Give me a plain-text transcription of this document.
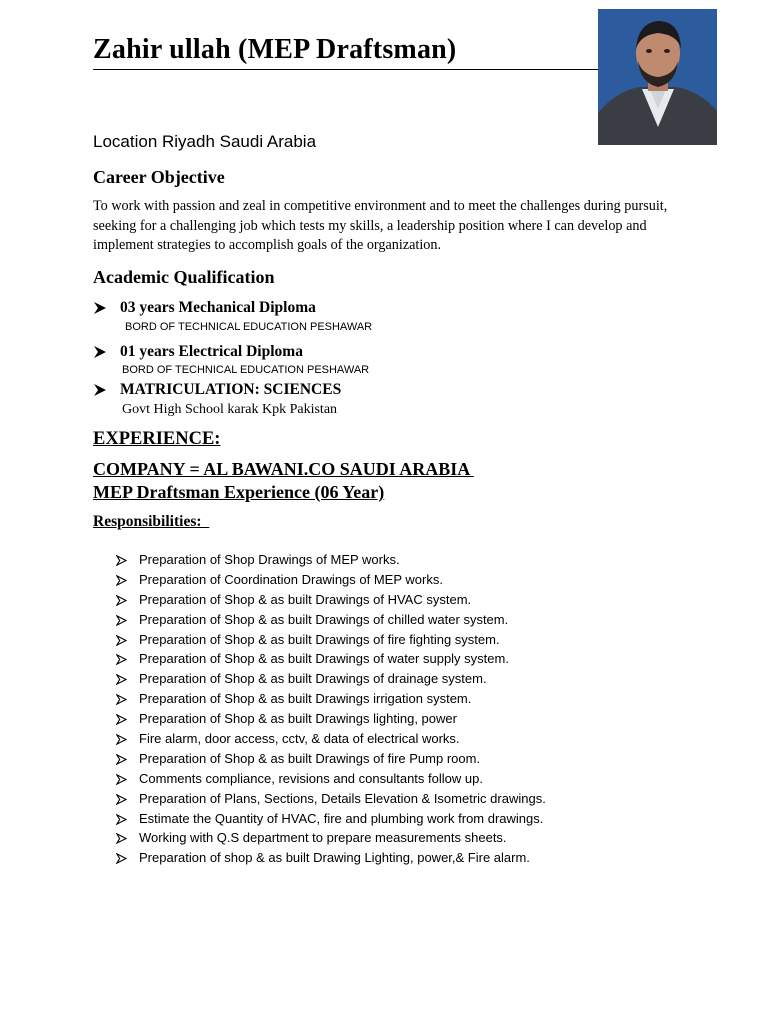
Zahir ullah (MEP Draftsman)
Location Riyadh Saudi Arabia
Career Objective
To work with passion and zeal in competitive environment and to meet the challenges during pursuit, seeking for a challenging job which tests my skills, a leadership position where I can develop and implement strategies to accomplish goals of the organization.
Academic Qualification
03 years Mechanical Diploma
BORD OF TECHNICAL EDUCATION PESHAWAR
01 years Electrical Diploma
BORD OF TECHNICAL EDUCATION PESHAWAR
MATRICULATION: SCIENCES
Govt High School karak Kpk Pakistan
EXPERIENCE:
COMPANY = AL BAWANI.CO SAUDI ARABIA
MEP Draftsman Experience (06 Year)
Responsibilities:
Preparation of Shop Drawings of MEP works.
Preparation of Coordination Drawings of MEP works.
Preparation of Shop & as built Drawings of HVAC system.
Preparation of Shop & as built Drawings of chilled water system.
Preparation of Shop & as built Drawings of fire fighting system.
Preparation of Shop & as built Drawings of water supply system.
Preparation of Shop & as built Drawings of drainage system.
Preparation of Shop & as built Drawings irrigation system.
Preparation of Shop & as built Drawings lighting, power
Fire alarm, door access, cctv, & data of electrical works.
Preparation of Shop & as built Drawings of fire Pump room.
Comments compliance, revisions and consultants follow up.
Preparation of Plans, Sections, Details Elevation & Isometric drawings.
Estimate the Quantity of HVAC, fire and plumbing work from drawings.
Working with Q.S department to prepare measurements sheets.
Preparation of shop & as built Drawing Lighting, power,& Fire alarm.
